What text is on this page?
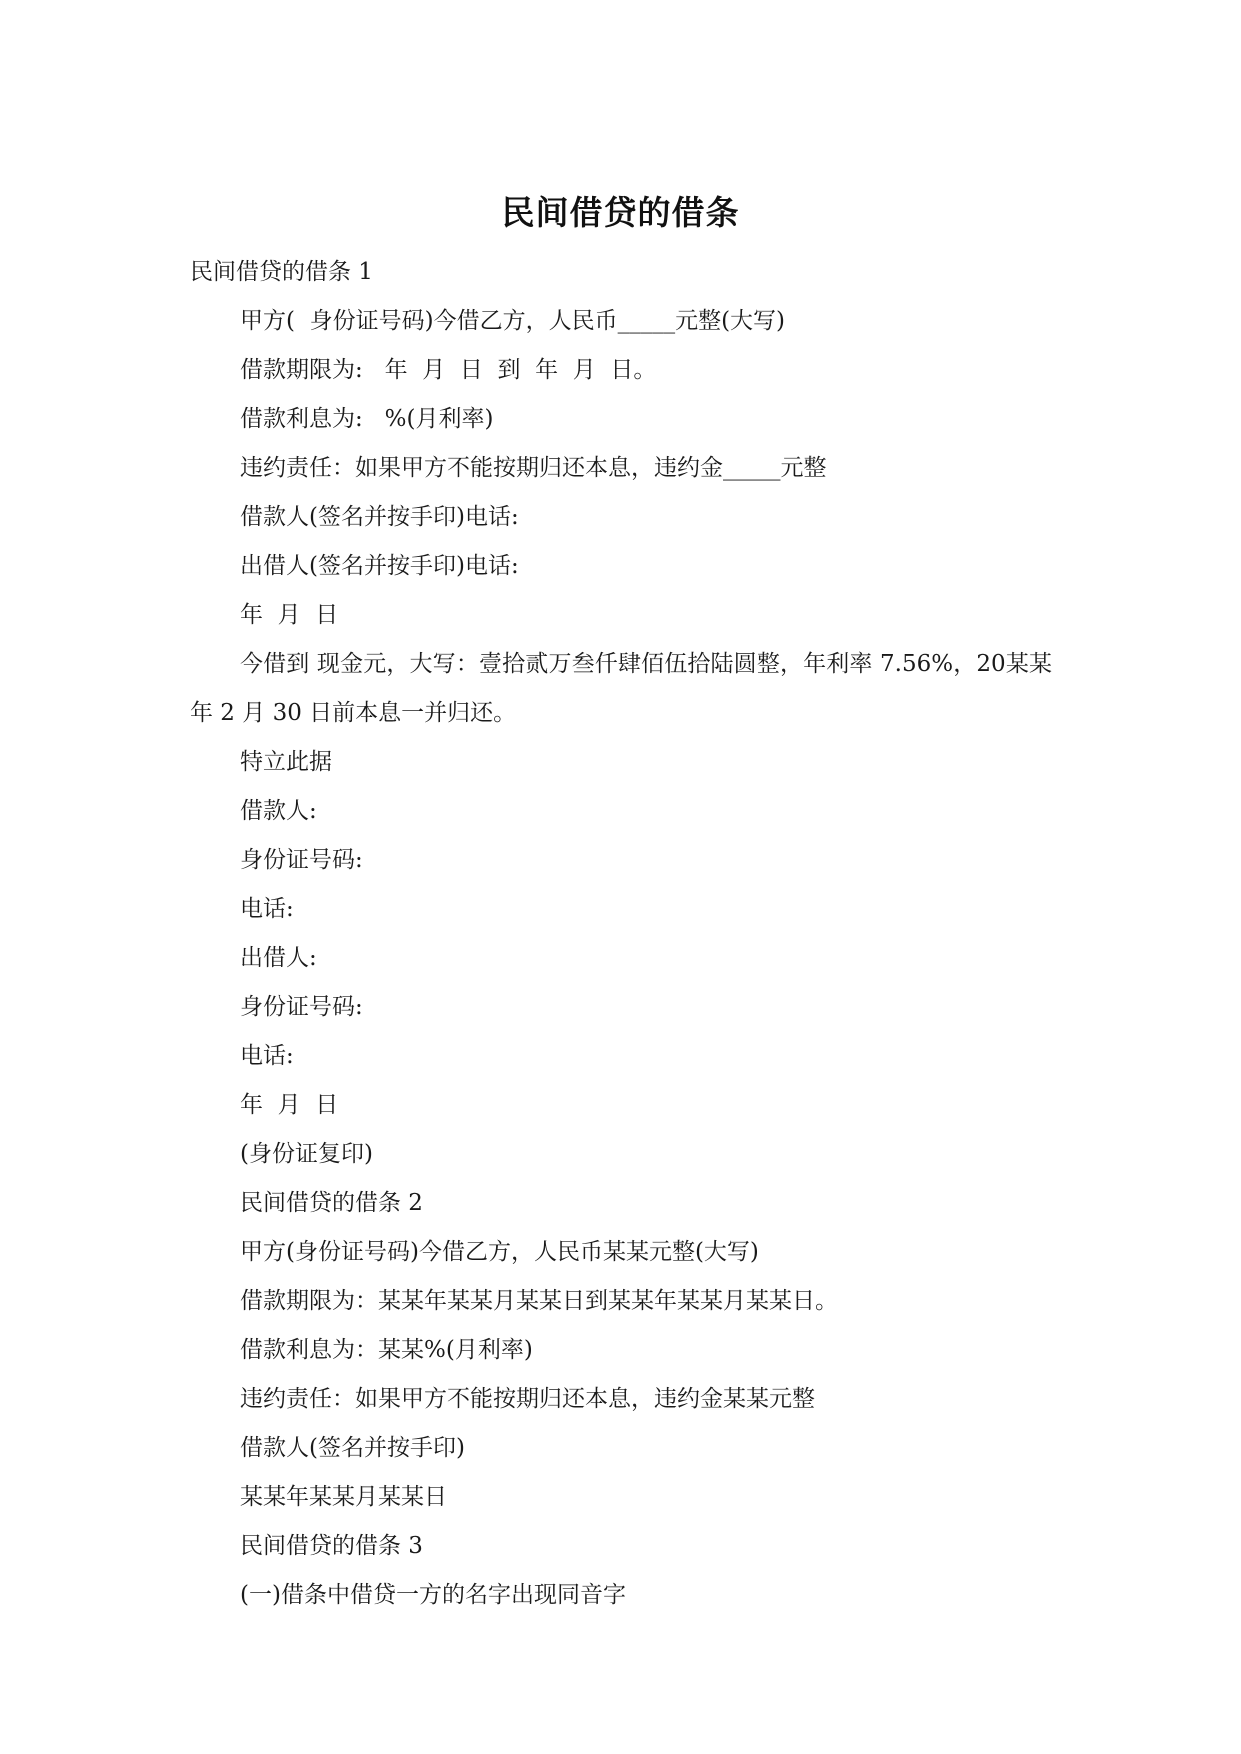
民间借贷的借条

民间借贷的借条 1

甲方(  身份证号码)今借乙方，人民币_____元整(大写)

借款期限为:   年  月  日  到  年  月  日。

借款利息为:   %(月利率)

违约责任：如果甲方不能按期归还本息，违约金_____元整

借款人(签名并按手印)电话:

出借人(签名并按手印)电话:

年  月  日

今借到 现金元，大写：壹拾贰万叁仟肆佰伍拾陆圆整，年利率 7.56%，20某某年 2 月 30 日前本息一并归还。

特立此据

借款人:

身份证号码:

电话:

出借人:

身份证号码:

电话:

年  月  日

(身份证复印)

民间借贷的借条 2

甲方(身份证号码)今借乙方，人民币某某元整(大写)

借款期限为：某某年某某月某某日到某某年某某月某某日。

借款利息为：某某%(月利率)

违约责任：如果甲方不能按期归还本息，违约金某某元整

借款人(签名并按手印)

某某年某某月某某日

民间借贷的借条 3

(一)借条中借贷一方的名字出现同音字
